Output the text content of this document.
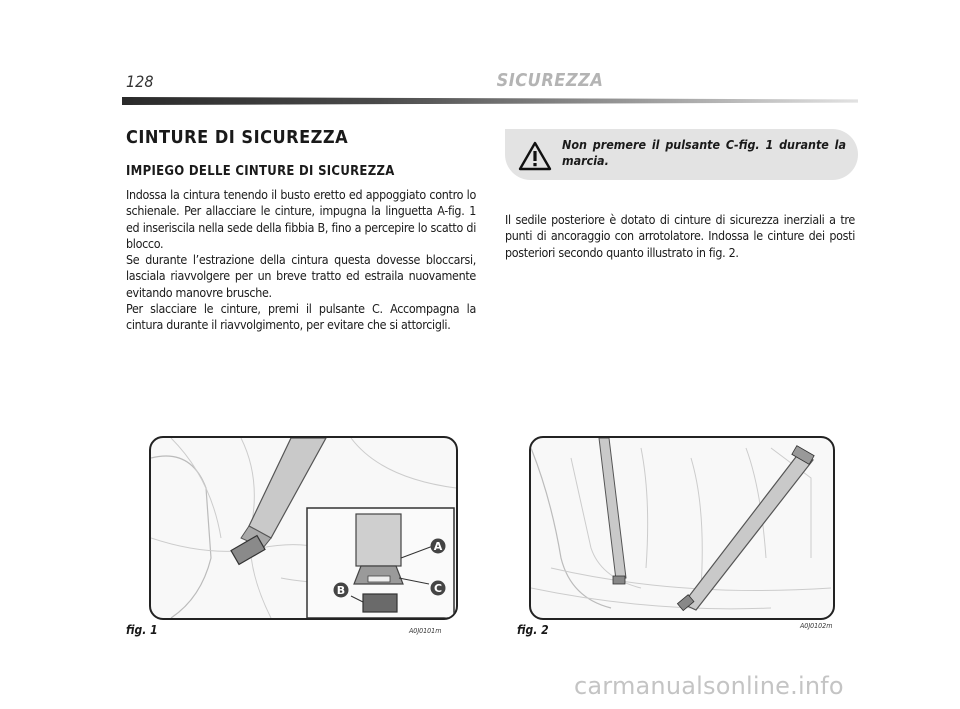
128	SICUREZZA
CINTURE DI SICUREZZA
IMPIEGO DELLE CINTURE DI SICUREZZA

Indossa la cintura tenendo il busto eretto ed appoggiato contro lo schienale. Per allacciare le cinture, impugna la linguetta A-fig. 1 ed inseriscila nella sede della fibbia B, fino a percepire lo scatto di blocco.

Se durante l’estrazione della cintura questa dovesse bloccarsi, lasciala riavvolgere per un breve tratto ed estraila nuovamente evitando manovre brusche.

Per slacciare le cinture, premi il pulsante C. Accompagna la cintura durante il riavvolgimento, per evitare che si attorcigli.

Non premere il pulsante C-fig. 1 durante la marcia.
Il sedile posteriore è dotato di cinture di sicurezza inerziali a tre punti di ancoraggio con arrotolatore. Indossa le cinture dei posti posteriori secondo quanto illustrato in fig. 2.
A
B	C
fig. 1	A0J0101m	fig. 2	A0J0102m
carmanualsonline.info
